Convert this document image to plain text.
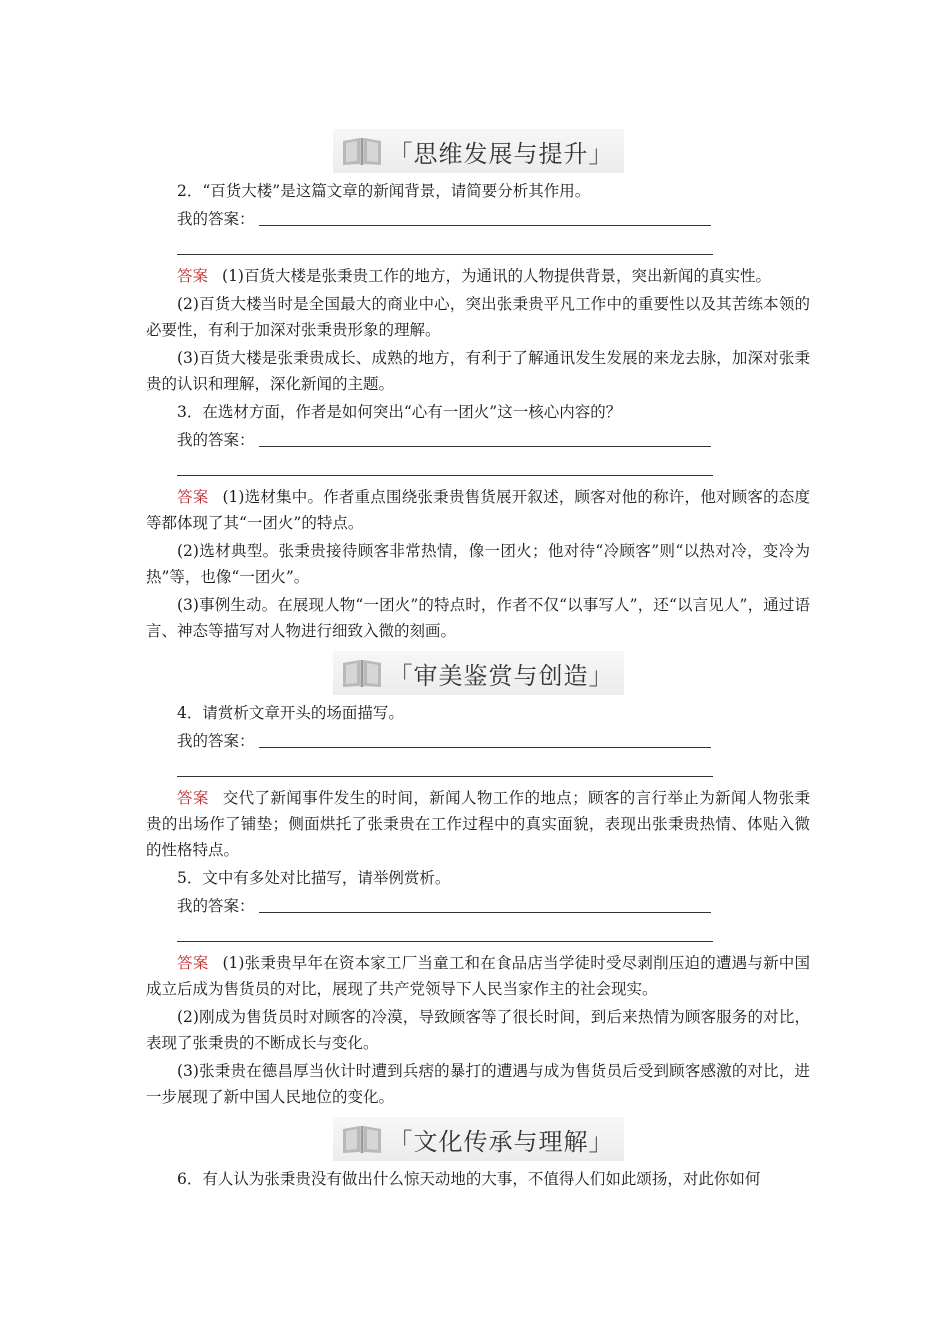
「思维发展与提升」

2．“百货大楼”是这篇文章的新闻背景，请简要分析其作用。

我的答案：

答案 (1)百货大楼是张秉贵工作的地方，为通讯的人物提供背景，突出新闻的真实性。

(2)百货大楼当时是全国最大的商业中心，突出张秉贵平凡工作中的重要性以及其苦练本领的必要性，有利于加深对张秉贵形象的理解。

(3)百货大楼是张秉贵成长、成熟的地方，有利于了解通讯发生发展的来龙去脉，加深对张秉贵的认识和理解，深化新闻的主题。

3．在选材方面，作者是如何突出“心有一团火”这一核心内容的？

我的答案：

答案 (1)选材集中。作者重点围绕张秉贵售货展开叙述，顾客对他的称许，他对顾客的态度等都体现了其“一团火”的特点。

(2)选材典型。张秉贵接待顾客非常热情，像一团火；他对待“冷顾客”则“以热对冷，变冷为热”等，也像“一团火”。

(3)事例生动。在展现人物“一团火”的特点时，作者不仅“以事写人”，还“以言见人”，通过语言、神态等描写对人物进行细致入微的刻画。

「审美鉴赏与创造」

4．请赏析文章开头的场面描写。

我的答案：

答案 交代了新闻事件发生的时间，新闻人物工作的地点；顾客的言行举止为新闻人物张秉贵的出场作了铺垫；侧面烘托了张秉贵在工作过程中的真实面貌，表现出张秉贵热情、体贴入微的性格特点。

5．文中有多处对比描写，请举例赏析。

我的答案：

答案 (1)张秉贵早年在资本家工厂当童工和在食品店当学徒时受尽剥削压迫的遭遇与新中国成立后成为售货员的对比，展现了共产党领导下人民当家作主的社会现实。

(2)刚成为售货员时对顾客的冷漠，导致顾客等了很长时间，到后来热情为顾客服务的对比，表现了张秉贵的不断成长与变化。

(3)张秉贵在德昌厚当伙计时遭到兵痞的暴打的遭遇与成为售货员后受到顾客感激的对比，进一步展现了新中国人民地位的变化。

「文化传承与理解」

6．有人认为张秉贵没有做出什么惊天动地的大事，不值得人们如此颂扬，对此你如何
